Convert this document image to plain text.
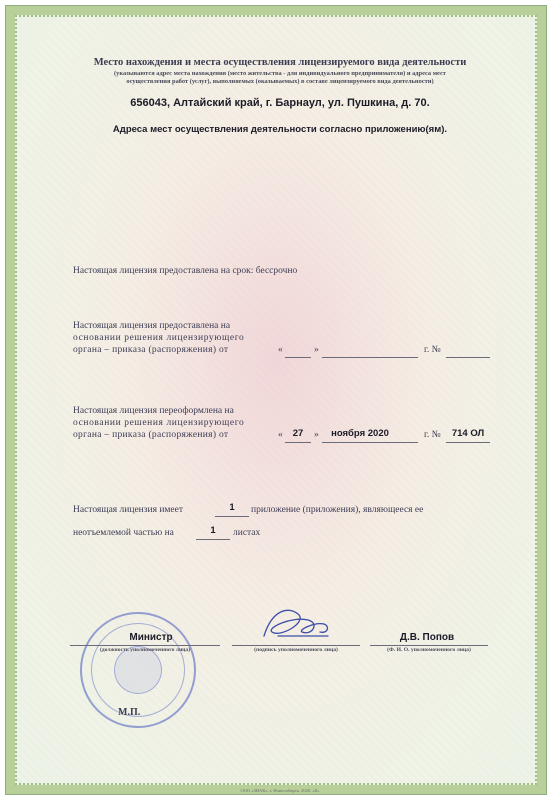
Место нахождения и места осуществления лицензируемого вида деятельности
(указываются адрес места нахождения (место жительства - для индивидуального предпринимателя) и адреса мест
осуществления работ (услуг), выполняемых (оказываемых) в составе лицензируемого вида деятельности)
656043, Алтайский край, г. Барнаул, ул. Пушкина, д. 70.
Адреса мест осуществления деятельности согласно приложению(ям).
Настоящая лицензия предоставлена на срок: бессрочно
Настоящая лицензия предоставлена на
основании решения лицензирующего
органа – приказа (распоряжения) от	«	»	г. №
Настоящая лицензия переоформлена на
основании решения лицензирующего
органа – приказа (распоряжения) от	«	27	»	ноября 2020	г. №	714 ОЛ
Настоящая лицензия имеет	1	приложение (приложения), являющееся ее
неотъемлемой частью на	1	листах
Министр
(должность уполномоченного лица)	(подпись уполномоченного лица)
Д.В. Попов
(Ф. И. О. уполномоченного лица)
М.П.
ООО «ЗНАК», г. Новосибирск, 2020, «Б»
